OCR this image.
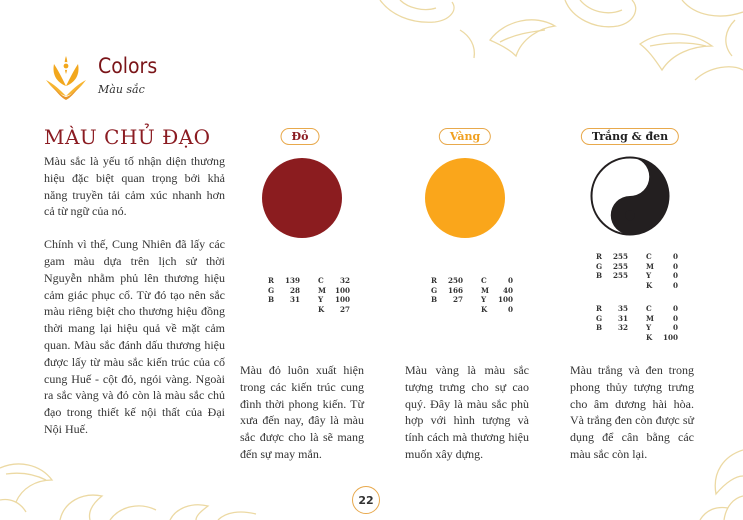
Colors
Màu sắc
MÀU CHỦ ĐẠO

Màu sắc là yếu tố nhận diện thương hiệu đặc biệt quan trọng bởi khả năng truyền tải cảm xúc nhanh hơn cả từ ngữ của nó.

Chính vì thế, Cung Nhiên đã lấy các gam màu dựa trên lịch sử thời Nguyễn nhằm phủ lên thương hiệu cảm giác phục cổ. Từ đó tạo nên sắc màu riêng biệt cho thương hiệu đồng thời mang lại hiệu quả về mặt cảm quan. Màu sắc đánh dấu thương hiệu được lấy từ màu sắc kiến trúc của cố cung Huế - cột đỏ, ngói vàng. Ngoài ra sắc vàng và đỏ còn là màu sắc chủ đạo trong thiết kế nội thất của Đại Nội Huế.

Đỏ
R	139	C	32
G	28	M	100
B	31	Y	100
K	27
Màu đỏ luôn xuất hiện trong các kiến trúc cung đình thời phong kiến. Từ xưa đến nay, đây là màu sắc được cho là sẽ mang đến sự may mắn.
Vàng
R	250	C	0
G	166	M	40
B	27	Y	100
K	0
Màu vàng là màu sắc tượng trưng cho sự cao quý. Đây là màu sắc phù hợp với hình tượng và tính cách mà thương hiệu muốn xây dựng.
Trắng & đen
R	255	C	0
G	255	M	0
B	255	Y	0
K	0
R	35	C	0
G	31	M	0
B	32	Y	0
K	100
Màu trắng và đen trong phong thủy tượng trưng cho âm dương hài hòa. Và trắng đen còn được sử dụng để cân bằng các màu sắc còn lại.
22
